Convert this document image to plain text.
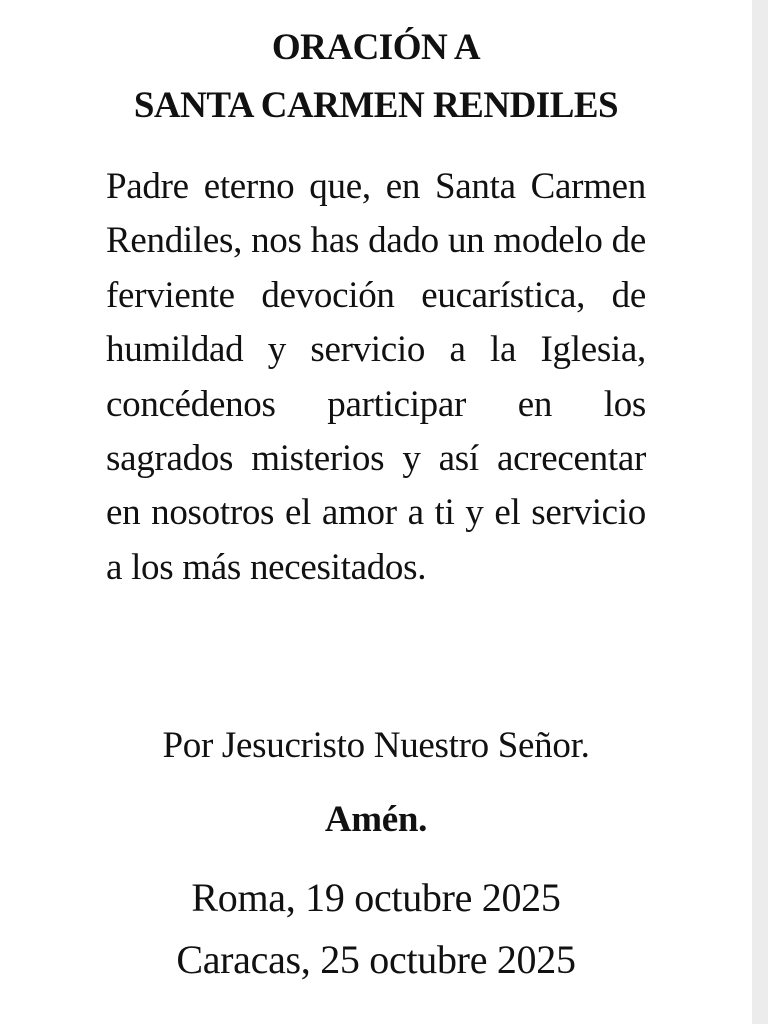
ORACIÓN A
SANTA CARMEN RENDILES

Padre eterno que, en Santa Carmen Rendiles, nos has dado un modelo de ferviente devoción eucarística, de humildad y servicio a la Iglesia, concédenos participar en los sagrados misterios y así acrecentar en nosotros el amor a ti y el servicio a los más necesitados.

Por Jesucristo Nuestro Señor.

Amén.

Roma, 19 octubre 2025

Caracas, 25 octubre 2025
